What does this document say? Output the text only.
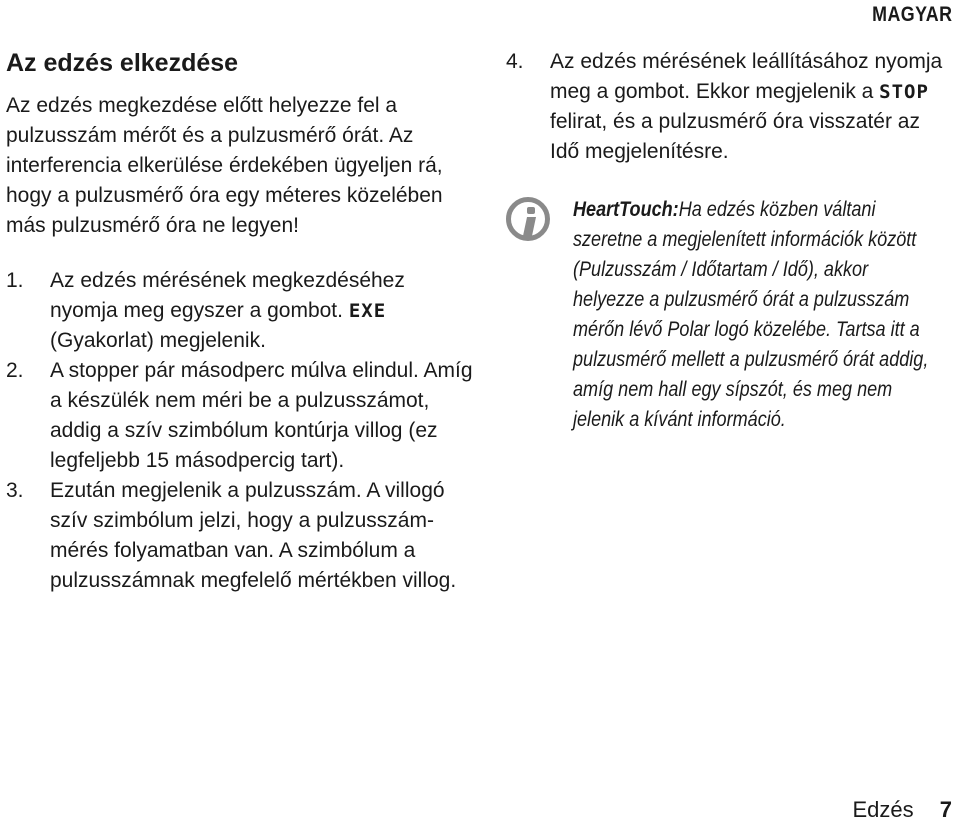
MAGYAR
Az edzés elkezdése

Az edzés megkezdése előtt helyezze fel a pulzusszám mérőt és a pulzusmérő órát. Az interferencia elkerülése érdekében ügyeljen rá, hogy a pulzusmérő óra egy méteres közelében más pulzusmérő óra ne legyen!

1. Az edzés mérésének megkezdéséhez nyomja meg egyszer a gombot. EXE (Gyakorlat) megjelenik.
2. A stopper pár másodperc múlva elindul. Amíg a készülék nem méri be a pulzusszámot, addig a szív szimbólum kontúrja villog (ez legfeljebb 15 másodpercig tart).
3. Ezután megjelenik a pulzusszám. A villogó szív szimbólum jelzi, hogy a pulzusszám-mérés folyamatban van. A szimbólum a pulzusszámnak megfelelő mértékben villog.
4. Az edzés mérésének leállításához nyomja meg a gombot. Ekkor megjelenik a STOP felirat, és a pulzusmérő óra visszatér az Idő megjelenítésre.
HeartTouch:Ha edzés közben váltani szeretne a megjelenített információk között (Pulzusszám / Időtartam / Idő), akkor helyezze a pulzusmérő órát a pulzusszám mérőn lévő Polar logó közelébe. Tartsa itt a pulzusmérő mellett a pulzusmérő órát addig, amíg nem hall egy sípszót, és meg nem jelenik a kívánt információ.
Edzés 7
